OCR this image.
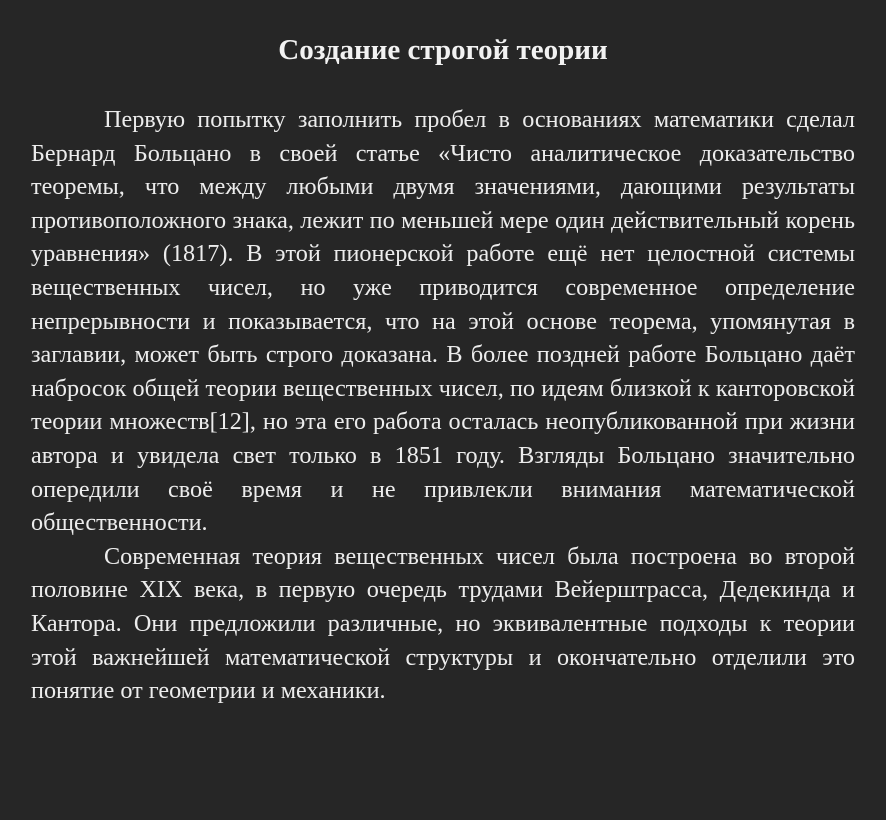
Создание строгой теории

Первую попытку заполнить пробел в основаниях математики сделал Бернард Больцано в своей статье «Чисто аналитическое доказательство теоремы, что между любыми двумя значениями, дающими результаты противоположного знака, лежит по меньшей мере один действительный корень уравнения» (1817). В этой пионерской работе ещё нет целостной системы вещественных чисел, но уже приводится современное определение непрерывности и показывается, что на этой основе теорема, упомянутая в заглавии, может быть строго доказана. В более поздней работе Больцано даёт набросок общей теории вещественных чисел, по идеям близкой к канторовской теории множеств[12], но эта его работа осталась неопубликованной при жизни автора и увидела свет только в 1851 году. Взгляды Больцано значительно опередили своё время и не привлекли внимания математической общественности.

Современная теория вещественных чисел была построена во второй половине XIX века, в первую очередь трудами Вейерштрасса, Дедекинда и Кантора. Они предложили различные, но эквивалентные подходы к теории этой важнейшей математической структуры и окончательно отделили это понятие от геометрии и механики.
